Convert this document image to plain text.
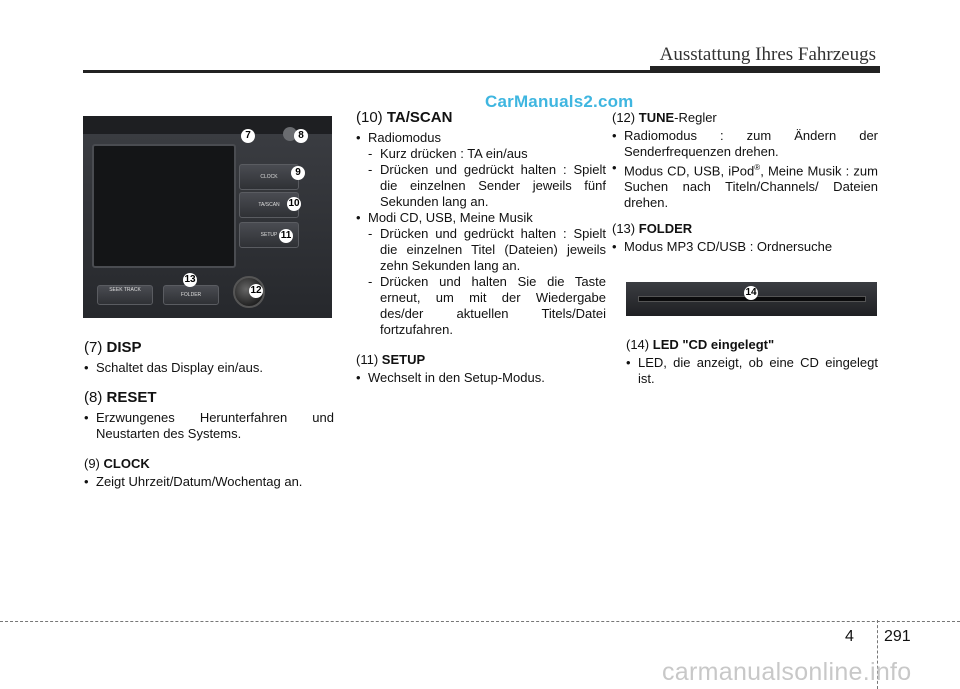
Ausstattung Ihres Fahrzeugs
CarManuals2.com
CLOCK
TA/SCAN
SETUP
SEEK TRACK
FOLDER
7	8
9
10
11
12
13
(7) DISP

• Schaltet das Display ein/aus.

(8) RESET

• Erzwungenes Herunterfahren und Neustarten des Systems.

(9) CLOCK

• Zeigt Uhrzeit/Datum/Wochentag an.

(10) TA/SCAN

• Radiomodus

- Kurz drücken : TA ein/aus

- Drücken und gedrückt halten : Spielt die einzelnen Sender jeweils fünf Sekunden lang an.

• Modi CD, USB, Meine Musik

- Drücken und gedrückt halten : Spielt die einzelnen Titel (Dateien) jeweils zehn Sekunden lang an.

- Drücken und halten Sie die Taste erneut, um mit der Wiedergabe des/der aktuellen Titels/Datei fortzufahren.

(11) SETUP

• Wechselt in den Setup-Modus.

(12) TUNE-Regler

• Radiomodus : zum Ändern der Senderfrequenzen drehen.

• Modus CD, USB, iPod®, Meine Musik : zum Suchen nach Titeln/Channels/ Dateien drehen.

(13) FOLDER

• Modus MP3 CD/USB : Ordnersuche

14
(14) LED "CD eingelegt"

• LED, die anzeigt, ob eine CD eingelegt ist.

4 291
carmanualsonline.info
